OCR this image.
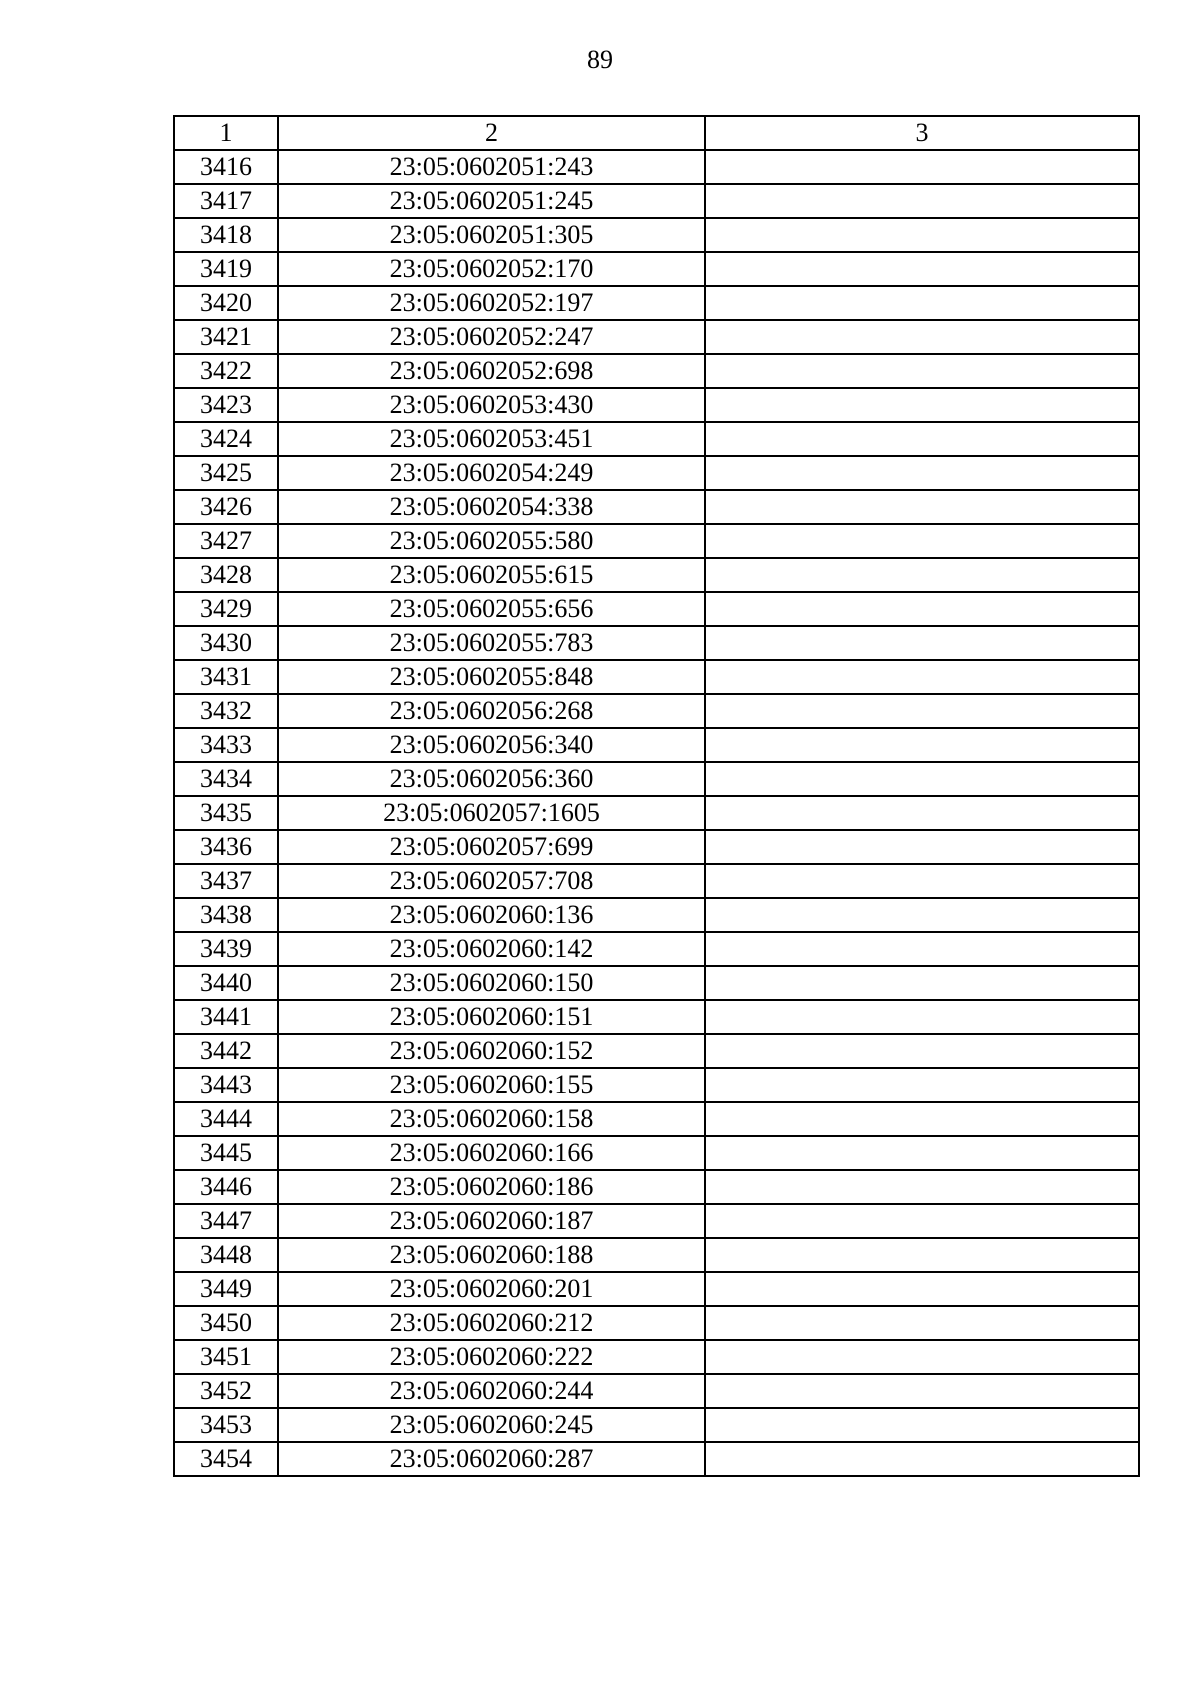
89
1	2	3
3416	23:05:0602051:243	
3417	23:05:0602051:245	
3418	23:05:0602051:305	
3419	23:05:0602052:170	
3420	23:05:0602052:197	
3421	23:05:0602052:247	
3422	23:05:0602052:698	
3423	23:05:0602053:430	
3424	23:05:0602053:451	
3425	23:05:0602054:249	
3426	23:05:0602054:338	
3427	23:05:0602055:580	
3428	23:05:0602055:615	
3429	23:05:0602055:656	
3430	23:05:0602055:783	
3431	23:05:0602055:848	
3432	23:05:0602056:268	
3433	23:05:0602056:340	
3434	23:05:0602056:360	
3435	23:05:0602057:1605	
3436	23:05:0602057:699	
3437	23:05:0602057:708	
3438	23:05:0602060:136	
3439	23:05:0602060:142	
3440	23:05:0602060:150	
3441	23:05:0602060:151	
3442	23:05:0602060:152	
3443	23:05:0602060:155	
3444	23:05:0602060:158	
3445	23:05:0602060:166	
3446	23:05:0602060:186	
3447	23:05:0602060:187	
3448	23:05:0602060:188	
3449	23:05:0602060:201	
3450	23:05:0602060:212	
3451	23:05:0602060:222	
3452	23:05:0602060:244	
3453	23:05:0602060:245	
3454	23:05:0602060:287	
